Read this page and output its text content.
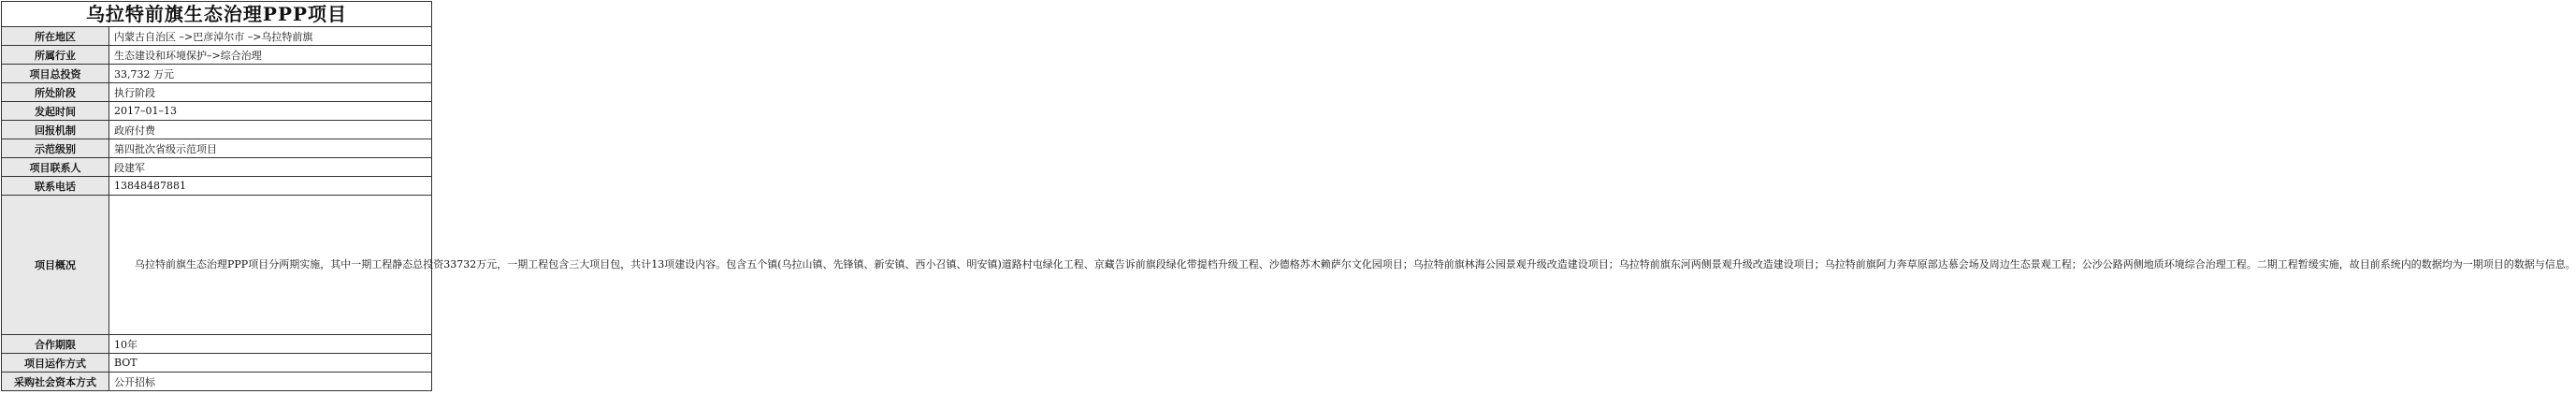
乌拉特前旗生态治理PPP项目
所在地区	内蒙古自治区 –>巴彦淖尔市 –>乌拉特前旗
所属行业	生态建设和环境保护–>综合治理
项目总投资	33,732 万元
所处阶段	执行阶段
发起时间	2017–01–13
回报机制	政府付费
示范级别	第四批次省级示范项目
项目联系人	段建军
联系电话	13848487881
项目概况	乌拉特前旗生态治理PPP项目分两期实施，其中一期工程静态总投资33732万元，一期工程包含三大项目包，共计13项建设内容。包含五个镇(乌拉山镇、先锋镇、新安镇、西小召镇、明安镇)道路村屯绿化工程、京藏告诉前旗段绿化带提档升级工程、沙德格苏木赖萨尔文化园项目；乌拉特前旗林海公园景观升级改造建设项目；乌拉特前旗东河两侧景观升级改造建设项目；乌拉特前旗阿力奔草原部达慕会场及周边生态景观工程；公沙公路两侧地质环境综合治理工程。二期工程暂缓实施，故目前系统内的数据均为一期项目的数据与信息。
合作期限	10年
项目运作方式	BOT
采购社会资本方式	公开招标
